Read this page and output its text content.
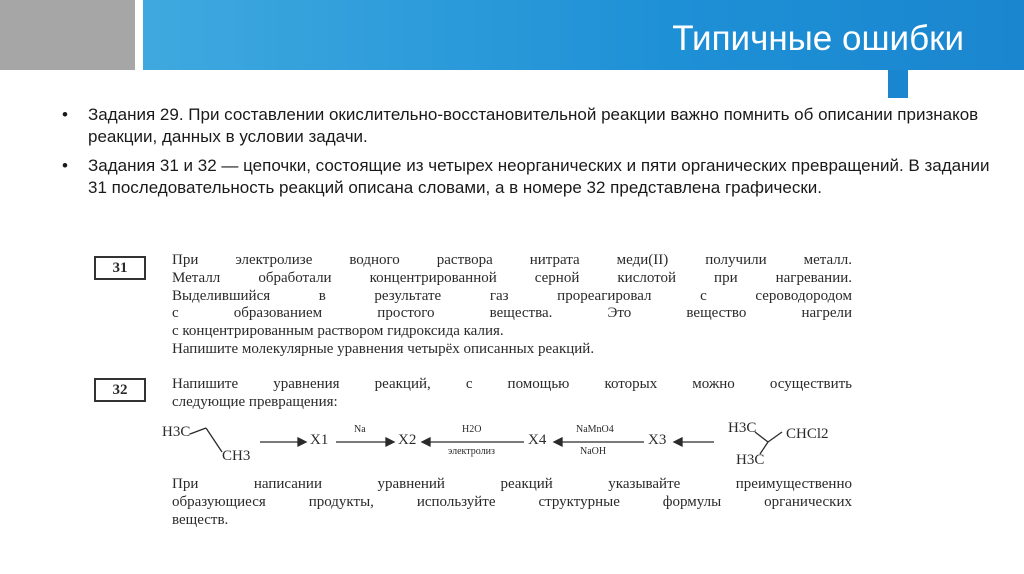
Типичные ошибки
• Задания 29. При составлении окислительно-восстановительной реакции важно помнить об описании признаков реакции, данных в условии задачи.
• Задания 31 и 32 — цепочки, состоящие из четырех неорганических и пяти органических превращений. В задании 31 последовательность реакций описана словами, а в номере 32 представлена графически.
31	При электролизе водного раствора нитрата меди(II) получили металл.

Металл обработали концентрированной серной кислотой при нагревании.

Выделившийся в результате газ прореагировал с сероводородом

с образованием простого вещества. Это вещество нагрели

с концентрированным раствором гидроксида калия.

Напишите молекулярные уравнения четырёх описанных реакций.

32	Напишите уравнения реакций, с помощью которых можно осуществить

следующие превращения:

При написании уравнений реакций указывайте преимущественно

образующиеся продукты, используйте структурные формулы органических

веществ.

H3C
CH3
X1
Na
X2
H2O
электролиз
X4
NaMnO4
NaOH
X3
H3C CHCl2
H3C
